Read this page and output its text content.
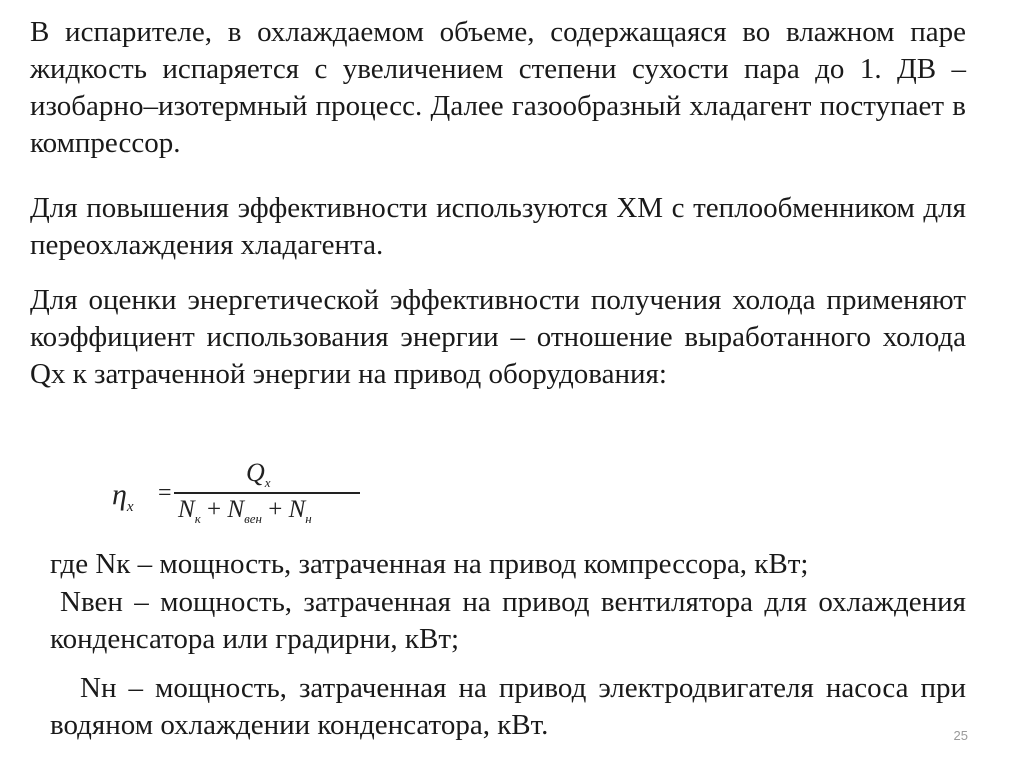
В испарителе, в охлаждаемом объеме, содержащаяся во влажном паре жидкость испаряется с увеличением степени сухости пара до 1. ДВ – изобарно–изотермный процесс. Далее газообразный хладагент поступает в компрессор.

Для повышения эффективности используются ХМ с теплообменником для переохлаждения хладагента.

Для оценки энергетической эффективности получения холода применяют коэффициент использования энергии – отношение выработанного холода Qх к затраченной энергии на привод оборудования:

$\eta_х$
=
$Q_х$
$N_к + N_{вен} + N_н$

где Nк – мощность, затраченная на привод компрессора, кВт;

Nвен – мощность, затраченная на привод вентилятора для охлаждения конденсатора или градирни, кВт;

Nн – мощность, затраченная на привод электродвигателя насоса при водяном охлаждении конденсатора, кВт.	25
